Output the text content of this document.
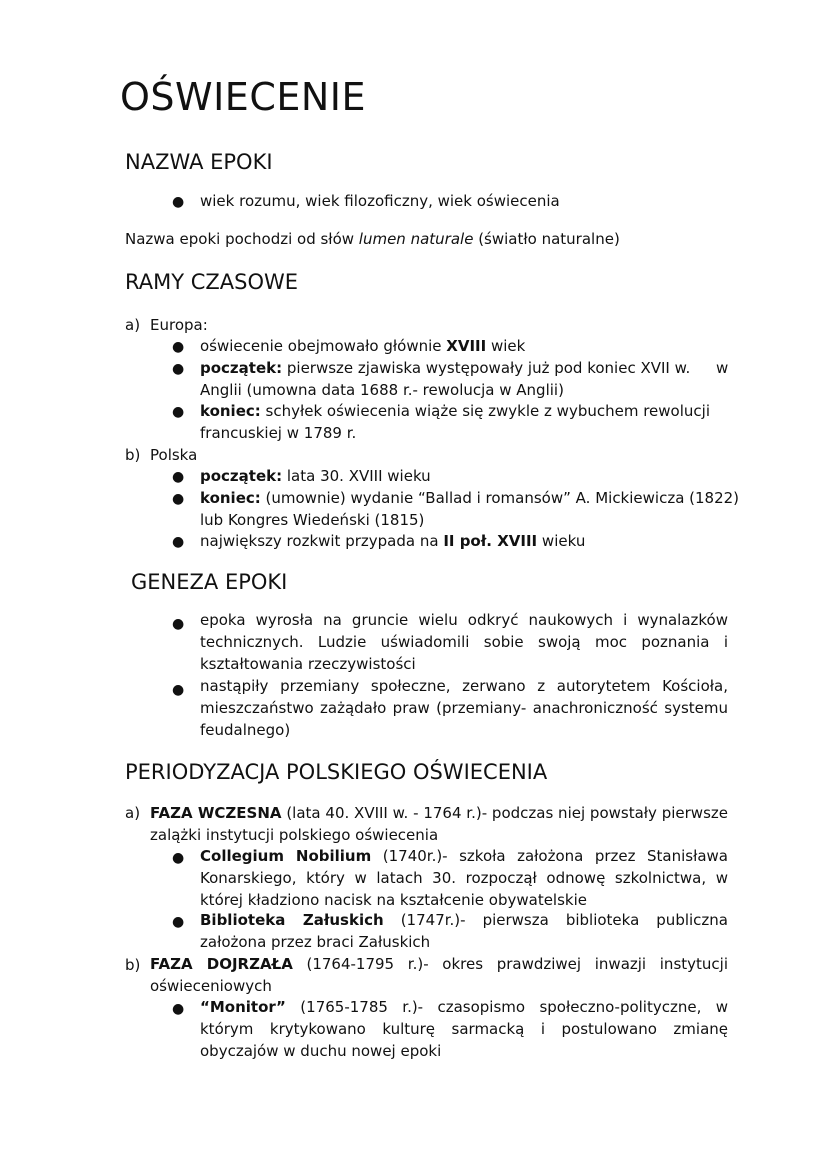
OŚWIECENIE
NAZWA EPOKI
● wiek rozumu, wiek filozoficzny, wiek oświecenia
Nazwa epoki pochodzi od słów lumen naturale (światło naturalne)
RAMY CZASOWE
a) Europa:
● oświecenie obejmowało głównie XVIII wiek
● początek: pierwsze zjawiska występowały już pod koniec XVII w. w
Anglii (umowna data 1688 r.- rewolucja w Anglii)
● koniec: schyłek oświecenia wiąże się zwykle z wybuchem rewolucji
francuskiej w 1789 r.
b) Polska
● początek: lata 30. XVIII wieku
● koniec: (umownie) wydanie “Ballad i romansów” A. Mickiewicza (1822)
lub Kongres Wiedeński (1815)
● największy rozkwit przypada na II poł. XVIII wieku
GENEZA EPOKI
● epoka wyrosła na gruncie wielu odkryć naukowych i wynalazków technicznych. Ludzie uświadomili sobie swoją moc poznania i kształtowania rzeczywistości
● nastąpiły przemiany społeczne, zerwano z autorytetem Kościoła, mieszczaństwo zażądało praw (przemiany- anachroniczność systemu feudalnego)
PERIODYZACJA POLSKIEGO OŚWIECENIA
a) FAZA WCZESNA (lata 40. XVIII w. - 1764 r.)- podczas niej powstały pierwsze zalążki instytucji polskiego oświecenia
● Collegium Nobilium (1740r.)- szkoła założona przez Stanisława Konarskiego, który w latach 30. rozpoczął odnowę szkolnictwa, w której kładziono nacisk na kształcenie obywatelskie
● Biblioteka Załuskich (1747r.)- pierwsza biblioteka publiczna założona przez braci Załuskich
b) FAZA DOJRZAŁA (1764-1795 r.)- okres prawdziwej inwazji instytucji oświeceniowych
● “Monitor” (1765-1785 r.)- czasopismo społeczno-polityczne, w którym krytykowano kulturę sarmacką i postulowano zmianę obyczajów w duchu nowej epoki
